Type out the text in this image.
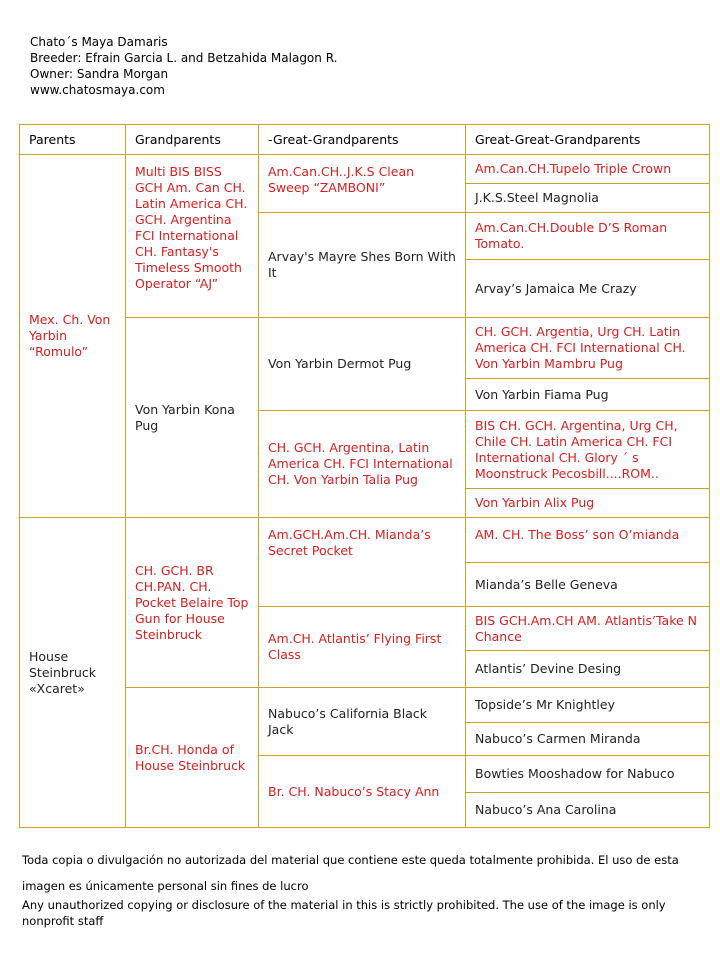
Chato´s Maya Damaris
Breeder: Efrain Garcia L. and Betzahida Malagon R.
Owner: Sandra Morgan
www.chatosmaya.com
Parents	Grandparents	-Great-Grandparents	Great-Great-Grandparents
Mex. Ch. Von Yarbin “Romulo”	Multi BIS BISS GCH Am. Can CH. Latin America CH. GCH. Argentina FCI International CH. Fantasy's Timeless Smooth Operator “AJ”	Am.Can.CH..J.K.S Clean Sweep “ZAMBONI”	Am.Can.CH.Tupelo Triple Crown
			J.K.S.Steel Magnolia
		Arvay's Mayre Shes Born With It	Am.Can.CH.Double D’S Roman Tomato.
			Arvay’s Jamaica Me Crazy
	Von Yarbin Kona Pug	Von Yarbin Dermot Pug	CH. GCH. Argentia, Urg CH. Latin America CH. FCI International CH. Von Yarbin Mambru Pug
			Von Yarbin Fiama Pug
		CH. GCH. Argentina, Latin America CH. FCI International CH. Von Yarbin Talia Pug	BIS CH. GCH. Argentina, Urg CH, Chile CH. Latin America CH. FCI International CH. Glory ´ s Moonstruck Pecosbill....ROM..
			Von Yarbin Alix Pug
House Steinbruck «Xcaret»	CH. GCH. BR CH.PAN. CH. Pocket Belaire Top Gun for House Steinbruck	Am.GCH.Am.CH. Mianda’s Secret Pocket	AM. CH. The Boss’ son O’mianda
			Mianda’s Belle Geneva
		Am.CH. Atlantis’ Flying First Class	BIS GCH.Am.CH AM. Atlantis’Take N Chance
			Atlantis’ Devine Desing
	Br.CH. Honda of House Steinbruck	Nabuco’s California Black Jack	Topside’s Mr Knightley
			Nabuco’s Carmen Miranda
		Br. CH. Nabuco’s Stacy Ann	Bowties Mooshadow for Nabuco
			Nabuco’s Ana Carolina
Toda copia o divulgación no autorizada del material que contiene este queda totalmente prohibida. El uso de esta
imagen es únicamente personal sin fines de lucro
Any unauthorized copying or disclosure of the material in this is strictly prohibited. The use of the image is only nonprofit staff
